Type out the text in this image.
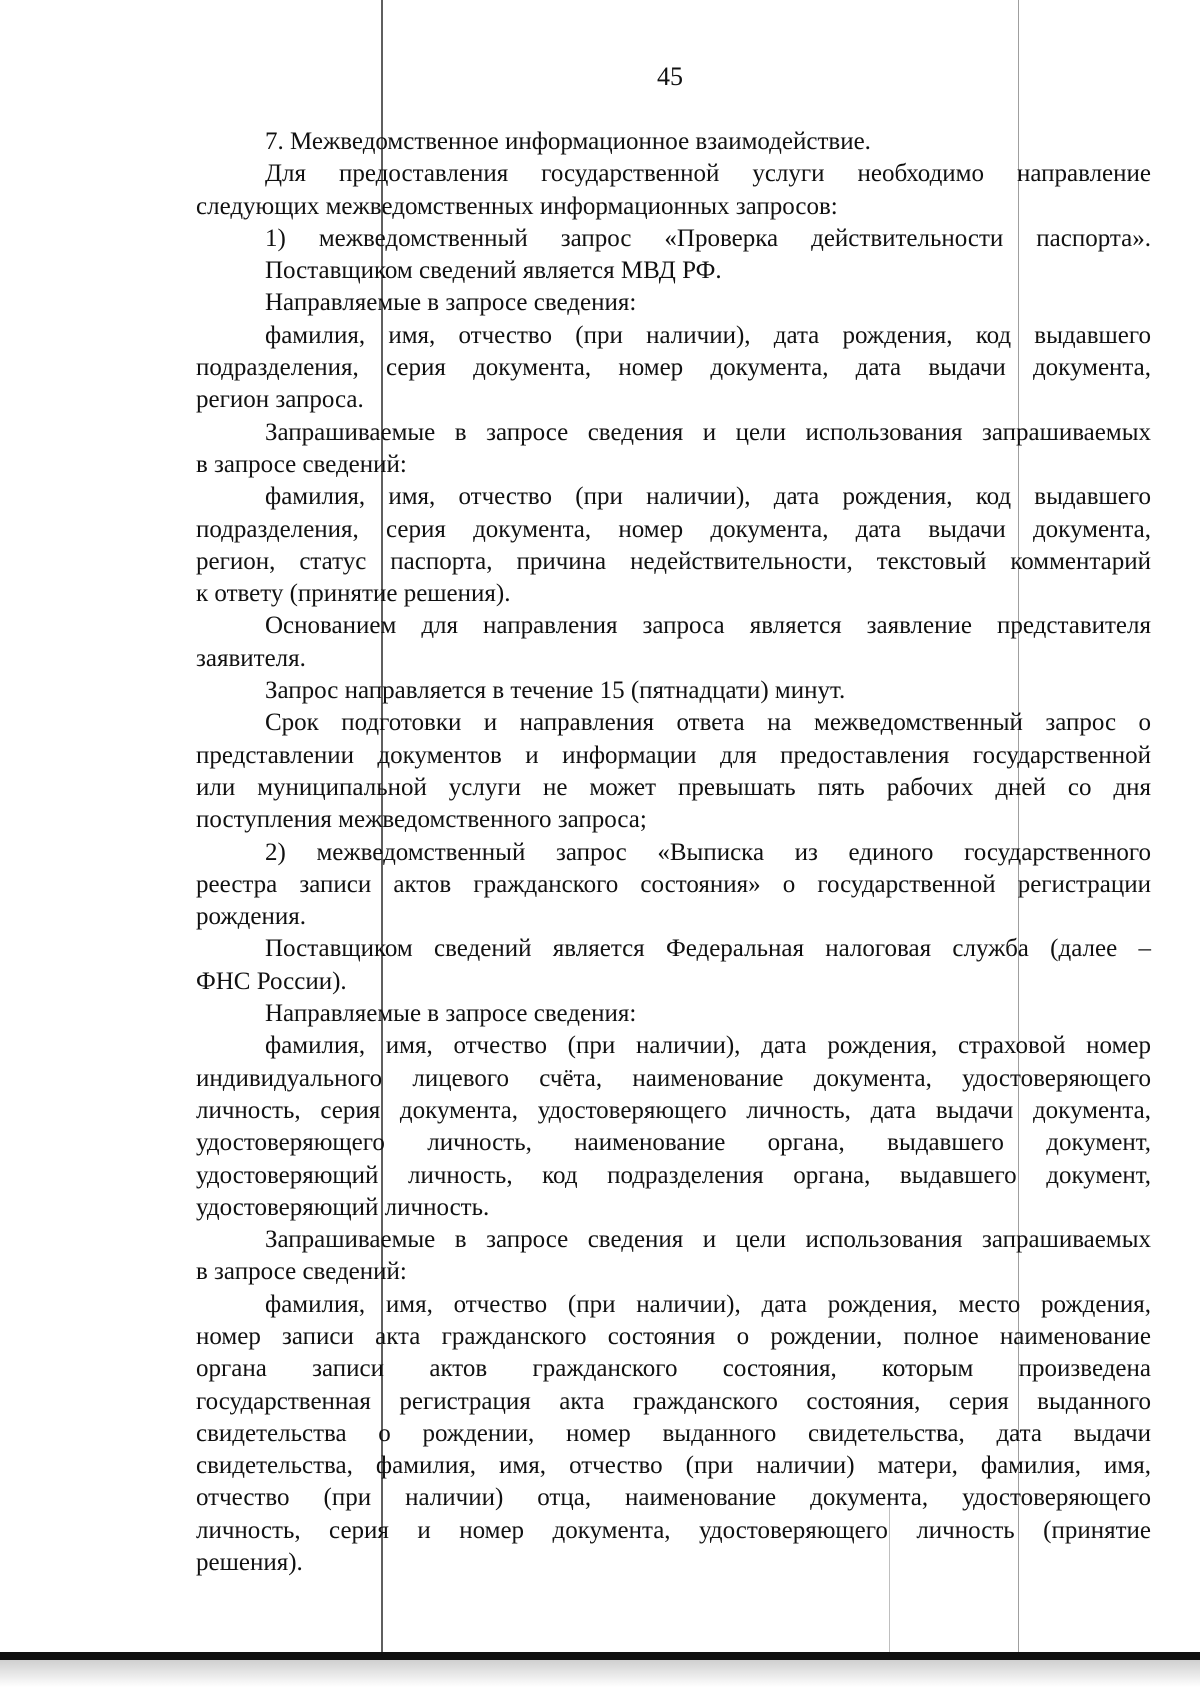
45
7. Межведомственное информационное взаимодействие.
Для предоставления государственной услуги необходимо направление
следующих межведомственных информационных запросов:
1) межведомственный запрос «Проверка действительности паспорта».
Поставщиком сведений является МВД РФ.
Направляемые в запросе сведения:
фамилия, имя, отчество (при наличии), дата рождения, код выдавшего
подразделения, серия документа, номер документа, дата выдачи документа,
регион запроса.
Запрашиваемые в запросе сведения и цели использования запрашиваемых
в запросе сведений:
фамилия, имя, отчество (при наличии), дата рождения, код выдавшего
подразделения, серия документа, номер документа, дата выдачи документа,
регион, статус паспорта, причина недействительности, текстовый комментарий
к ответу (принятие решения).
Основанием для направления запроса является заявление представителя
заявителя.
Запрос направляется в течение 15 (пятнадцати) минут.
Срок подготовки и направления ответа на межведомственный запрос о
представлении документов и информации для предоставления государственной
или муниципальной услуги не может превышать пять рабочих дней со дня
поступления межведомственного запроса;
2) межведомственный запрос «Выписка из единого государственного
реестра записи актов гражданского состояния» о государственной регистрации
рождения.
Поставщиком сведений является Федеральная налоговая служба (далее –
ФНС России).
Направляемые в запросе сведения:
фамилия, имя, отчество (при наличии), дата рождения, страховой номер
индивидуального лицевого счёта, наименование документа, удостоверяющего
личность, серия документа, удостоверяющего личность, дата выдачи документа,
удостоверяющего личность, наименование органа, выдавшего документ,
удостоверяющий личность, код подразделения органа, выдавшего документ,
удостоверяющий личность.
Запрашиваемые в запросе сведения и цели использования запрашиваемых
в запросе сведений:
фамилия, имя, отчество (при наличии), дата рождения, место рождения,
номер записи акта гражданского состояния о рождении, полное наименование
органа записи актов гражданского состояния, которым произведена
государственная регистрация акта гражданского состояния, серия выданного
свидетельства о рождении, номер выданного свидетельства, дата выдачи
свидетельства, фамилия, имя, отчество (при наличии) матери, фамилия, имя,
отчество (при наличии) отца, наименование документа, удостоверяющего
личность, серия и номер документа, удостоверяющего личность (принятие
решения).
